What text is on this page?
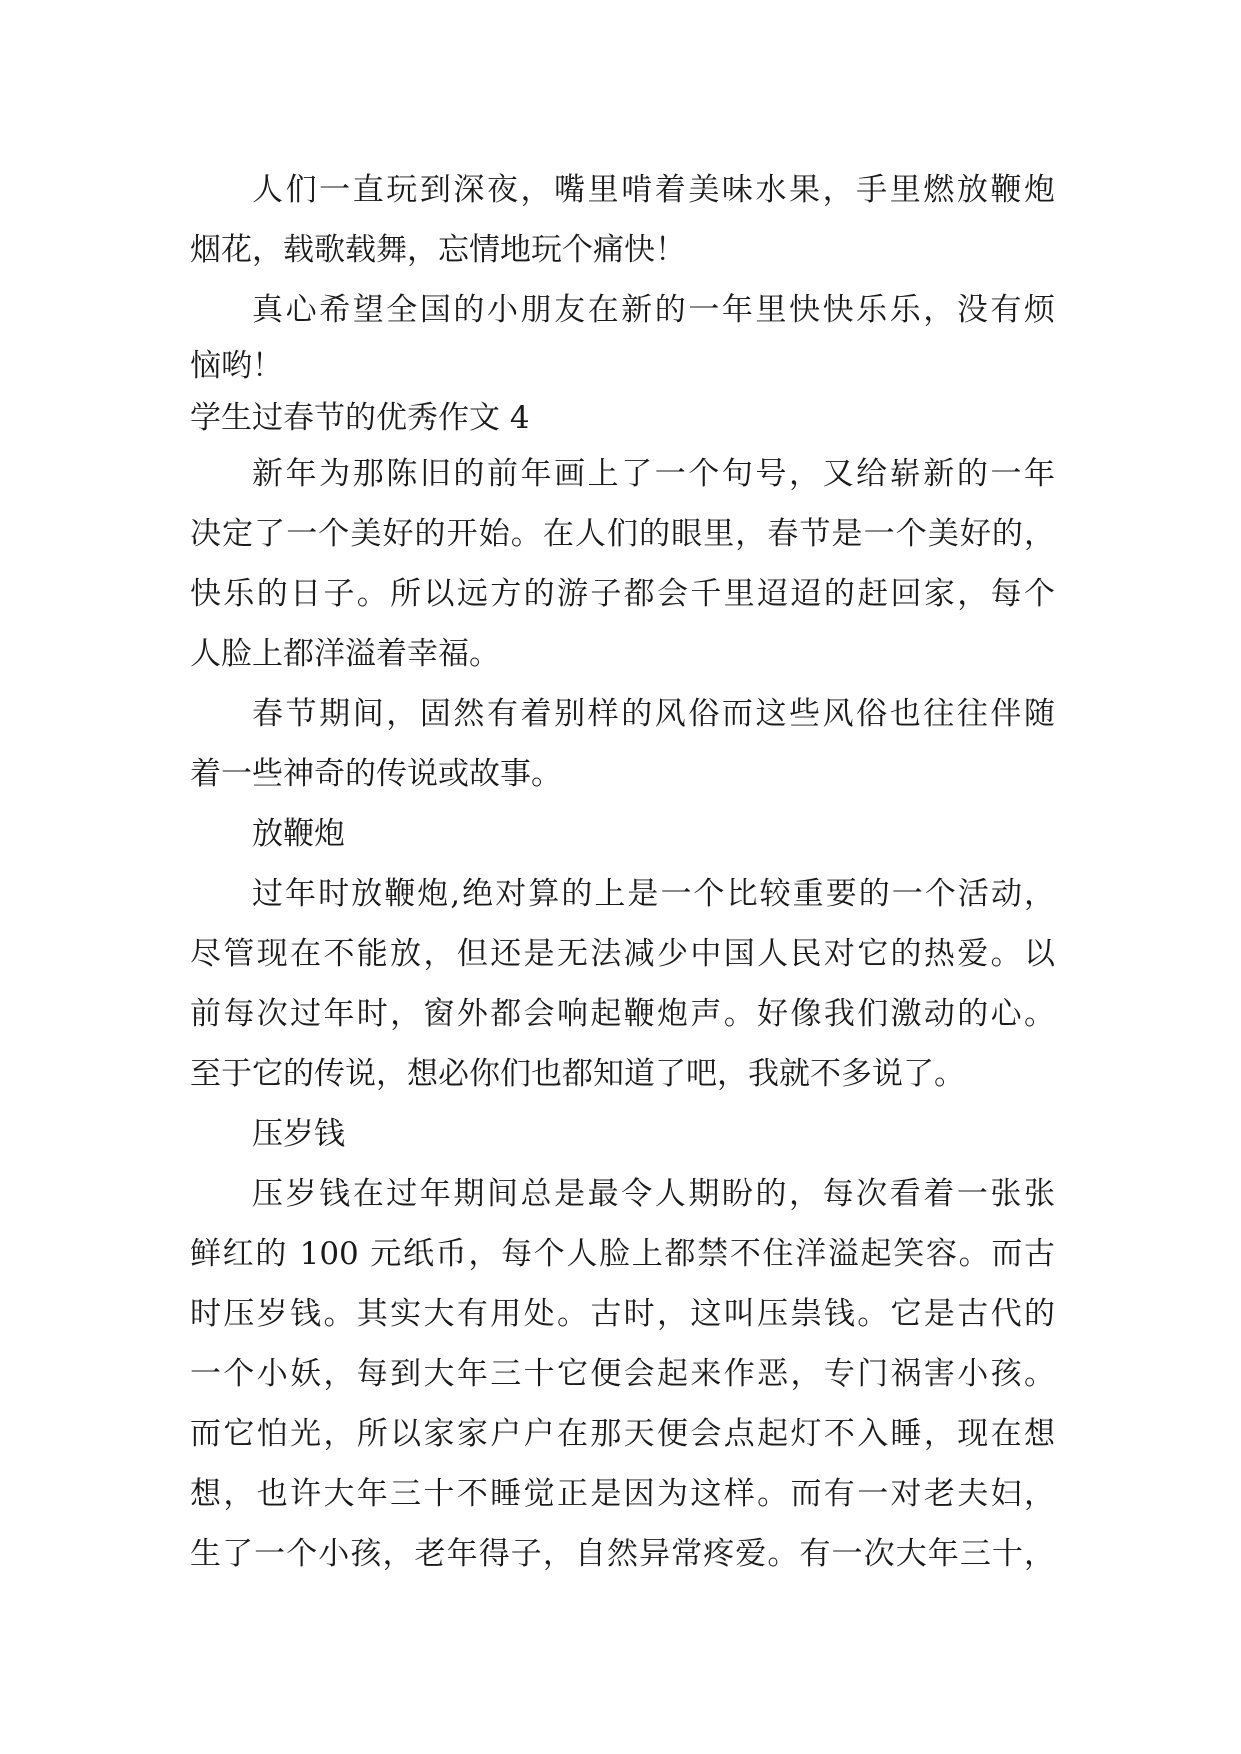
人们一直玩到深夜，嘴里啃着美味水果，手里燃放鞭炮
烟花，载歌载舞，忘情地玩个痛快！
真心希望全国的小朋友在新的一年里快快乐乐，没有烦
恼哟！
学生过春节的优秀作文 4
新年为那陈旧的前年画上了一个句号，又给崭新的一年
决定了一个美好的开始。在人们的眼里，春节是一个美好的，
快乐的日子。所以远方的游子都会千里迢迢的赶回家，每个
人脸上都洋溢着幸福。
春节期间，固然有着别样的风俗而这些风俗也往往伴随
着一些神奇的传说或故事。
放鞭炮
过年时放鞭炮,绝对算的上是一个比较重要的一个活动，
尽管现在不能放，但还是无法减少中国人民对它的热爱。以
前每次过年时，窗外都会响起鞭炮声。好像我们激动的心。
至于它的传说，想必你们也都知道了吧，我就不多说了。
压岁钱
压岁钱在过年期间总是最令人期盼的，每次看着一张张
鲜红的 100 元纸币，每个人脸上都禁不住洋溢起笑容。而古
时压岁钱。其实大有用处。古时，这叫压祟钱。它是古代的
一个小妖，每到大年三十它便会起来作恶，专门祸害小孩。
而它怕光，所以家家户户在那天便会点起灯不入睡，现在想
想，也许大年三十不睡觉正是因为这样。而有一对老夫妇，
生了一个小孩，老年得子，自然异常疼爱。有一次大年三十，
